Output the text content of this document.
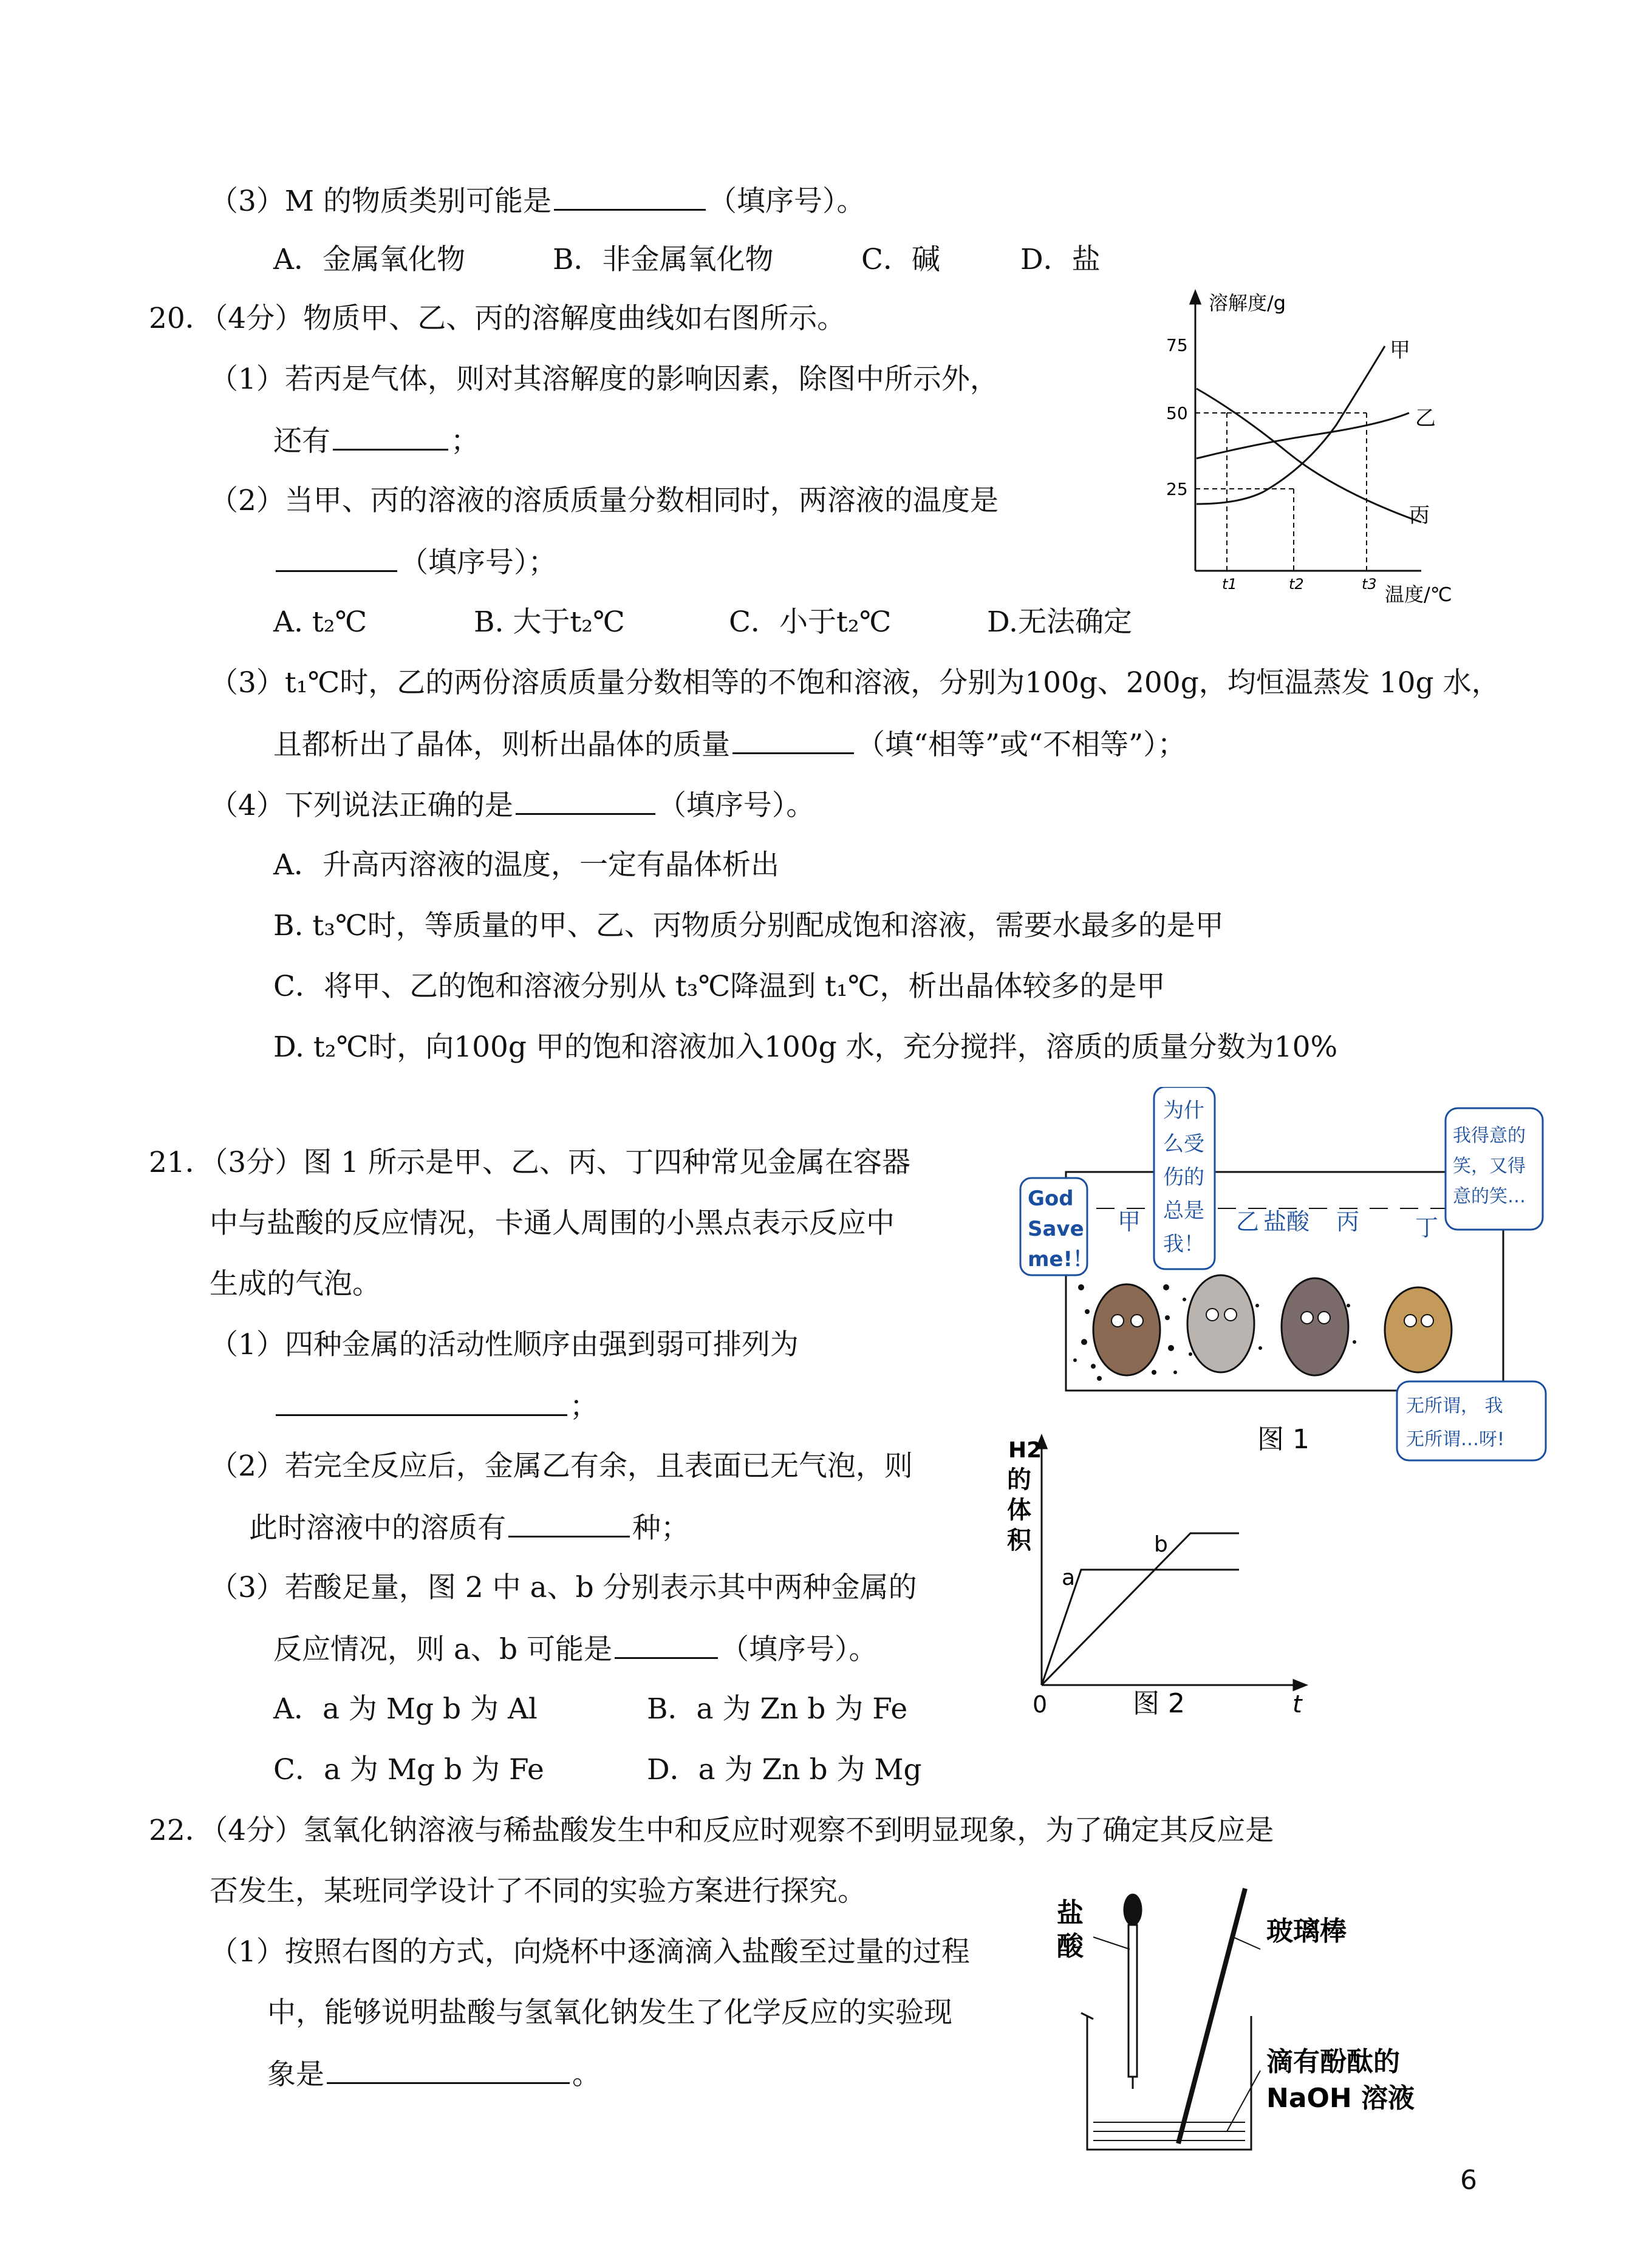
（3）M 的物质类别可能是	（填序号）。
A．金属氧化物	B．非金属氧化物	C．碱	D．盐
20．（4分）物质甲、乙、丙的溶解度曲线如右图所示。
（1）若丙是气体，则对其溶解度的影响因素，除图中所示外，
还有	；
（2）当甲、丙的溶液的溶质质量分数相同时，两溶液的温度是
（填序号）；
A. t₂℃	B. 大于t₂℃	C．小于t₂℃	D.无法确定
（3）t₁℃时，乙的两份溶质质量分数相等的不饱和溶液，分别为100g、200g，均恒温蒸发 10g 水，
且都析出了晶体，则析出晶体的质量	（填“相等”或“不相等”）；
（4）下列说法正确的是	（填序号）。
A．升高丙溶液的温度，一定有晶体析出
B. t₃℃时，等质量的甲、乙、丙物质分别配成饱和溶液，需要水最多的是甲
C．将甲、乙的饱和溶液分别从 t₃℃降温到 t₁℃，析出晶体较多的是甲
D. t₂℃时，向100g 甲的饱和溶液加入100g 水，充分搅拌，溶质的质量分数为10%
溶解度/g
75
50
25
t1	t2	t3 温度/℃
甲
乙
丙
21．（3分）图 1 所示是甲、乙、丙、丁四种常见金属在容器
中与盐酸的反应情况，卡通人周围的小黑点表示反应中
生成的气泡。
（1）四种金属的活动性顺序由强到弱可排列为
；
（2）若完全反应后，金属乙有余，且表面已无气泡，则
此时溶液中的溶质有	种；
（3）若酸足量，图 2 中 a、b 分别表示其中两种金属的
反应情况，则 a、b 可能是	（填序号）。
A．a 为 Mg b 为 Al	B．a 为 Zn b 为 Fe
C．a 为 Mg b 为 Fe	D．a 为 Zn b 为 Mg
God
Save
me!！
为什
么受
伤的
总是
我！
我得意的
笑，又得
意的笑…
无所谓， 我
无所谓…呀!
甲	乙 盐酸 丙 丁
图 1
H2
的
体
积
0	t
a
b
图 2
22．（4分）氢氧化钠溶液与稀盐酸发生中和反应时观察不到明显现象，为了确定其反应是
否发生，某班同学设计了不同的实验方案进行探究。
（1）按照右图的方式，向烧杯中逐滴滴入盐酸至过量的过程
中，能够说明盐酸与氢氧化钠发生了化学反应的实验现
象是	。
盐
酸	玻璃棒
滴有酚酞的
NaOH 溶液
6
